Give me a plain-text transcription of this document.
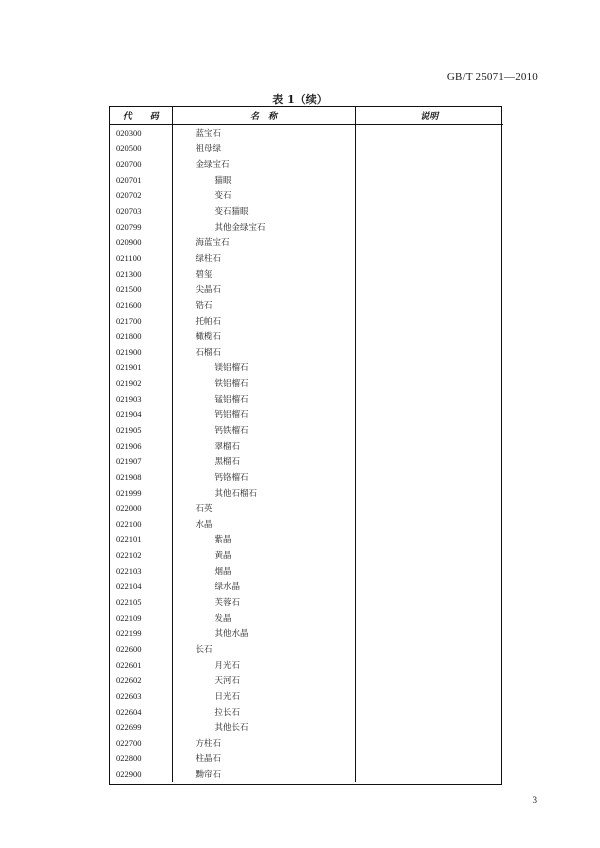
GB/T 25071—2010
表 1（续）
代　　码	名　称	说明
020300	蓝宝石	
020500	祖母绿	
020700	金绿宝石	
020701	猫眼	
020702	变石	
020703	变石猫眼	
020799	其他金绿宝石	
020900	海蓝宝石	
021100	绿柱石	
021300	碧玺	
021500	尖晶石	
021600	锆石	
021700	托帕石	
021800	橄榄石	
021900	石榴石	
021901	镁铝榴石	
021902	铁铝榴石	
021903	锰铝榴石	
021904	钙铝榴石	
021905	钙铁榴石	
021906	翠榴石	
021907	黑榴石	
021908	钙铬榴石	
021999	其他石榴石	
022000	石英	
022100	水晶	
022101	紫晶	
022102	黄晶	
022103	烟晶	
022104	绿水晶	
022105	芙蓉石	
022109	发晶	
022199	其他水晶	
022600	长石	
022601	月光石	
022602	天河石	
022603	日光石	
022604	拉长石	
022699	其他长石	
022700	方柱石	
022800	柱晶石	
022900	黝帘石	
3
